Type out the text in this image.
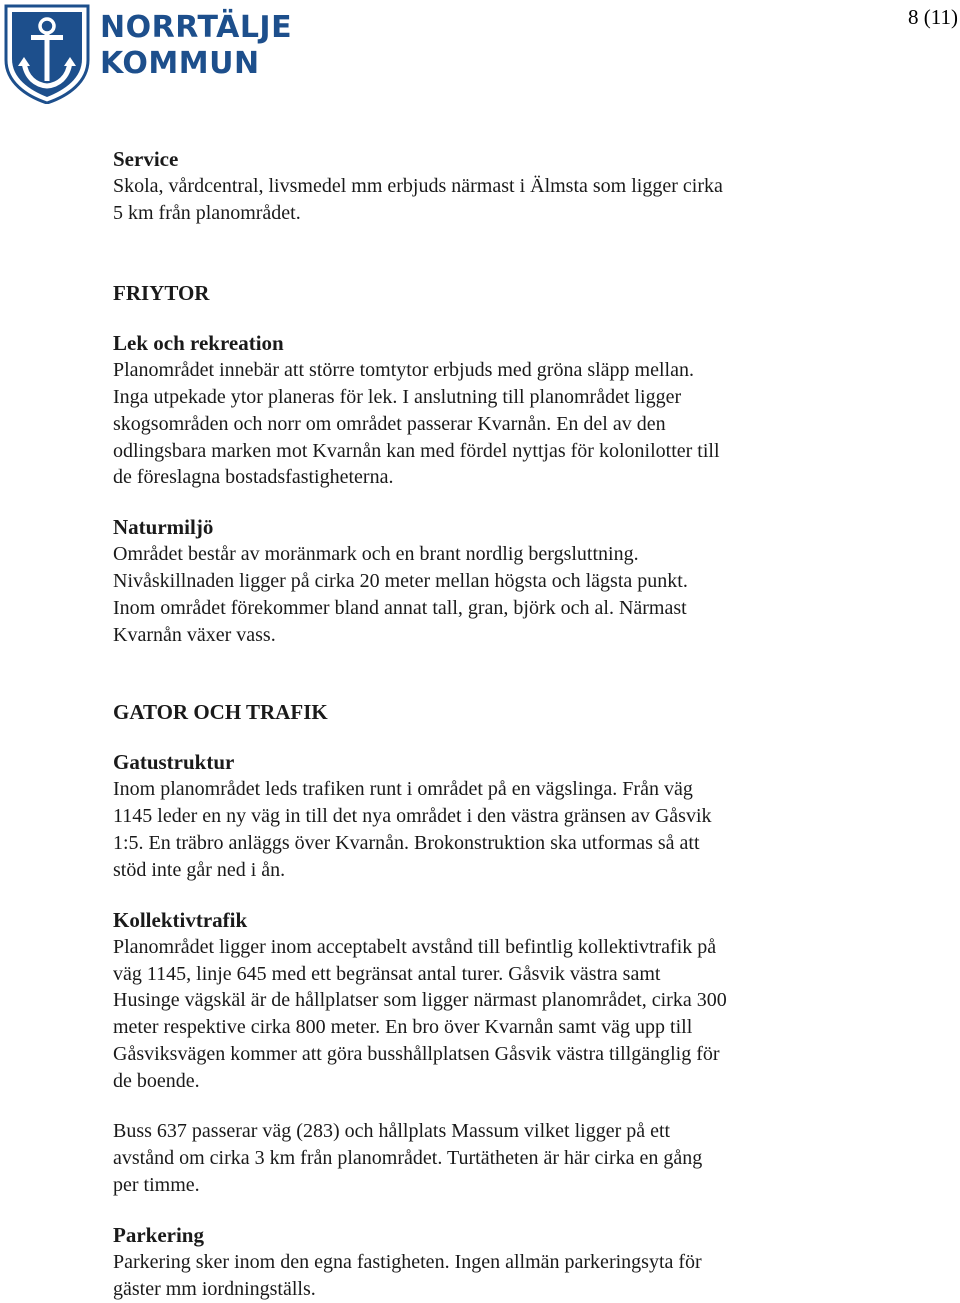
NORRTÄLJE
KOMMUN
8 (11)

Service

Skola, vårdcentral, livsmedel mm erbjuds närmast i Älmsta som ligger cirka

5 km från planområdet.

FRIYTOR

Lek och rekreation

Planområdet innebär att större tomtytor erbjuds med gröna släpp mellan.

Inga utpekade ytor planeras för lek. I anslutning till planområdet ligger

skogsområden och norr om området passerar Kvarnån. En del av den

odlingsbara marken mot Kvarnån kan med fördel nyttjas för kolonilotter till

de föreslagna bostadsfastigheterna.

Naturmiljö

Området består av moränmark och en brant nordlig bergsluttning.

Nivåskillnaden ligger på cirka 20 meter mellan högsta och lägsta punkt.

Inom området förekommer bland annat tall, gran, björk och al. Närmast

Kvarnån växer vass.

GATOR OCH TRAFIK

Gatustruktur

Inom planområdet leds trafiken runt i området på en vägslinga. Från väg

1145 leder en ny väg in till det nya området i den västra gränsen av Gåsvik

1:5. En träbro anläggs över Kvarnån. Brokonstruktion ska utformas så att

stöd inte går ned i ån.

Kollektivtrafik

Planområdet ligger inom acceptabelt avstånd till befintlig kollektivtrafik på

väg 1145, linje 645 med ett begränsat antal turer. Gåsvik västra samt

Husinge vägskäl är de hållplatser som ligger närmast planområdet, cirka 300

meter respektive cirka 800 meter. En bro över Kvarnån samt väg upp till

Gåsviksvägen kommer att göra busshållplatsen Gåsvik västra tillgänglig för

de boende.

Buss 637 passerar väg (283) och hållplats Massum vilket ligger på ett

avstånd om cirka 3 km från planområdet. Turtätheten är här cirka en gång

per timme.

Parkering

Parkering sker inom den egna fastigheten. Ingen allmän parkeringsyta för

gäster mm iordningställs.
